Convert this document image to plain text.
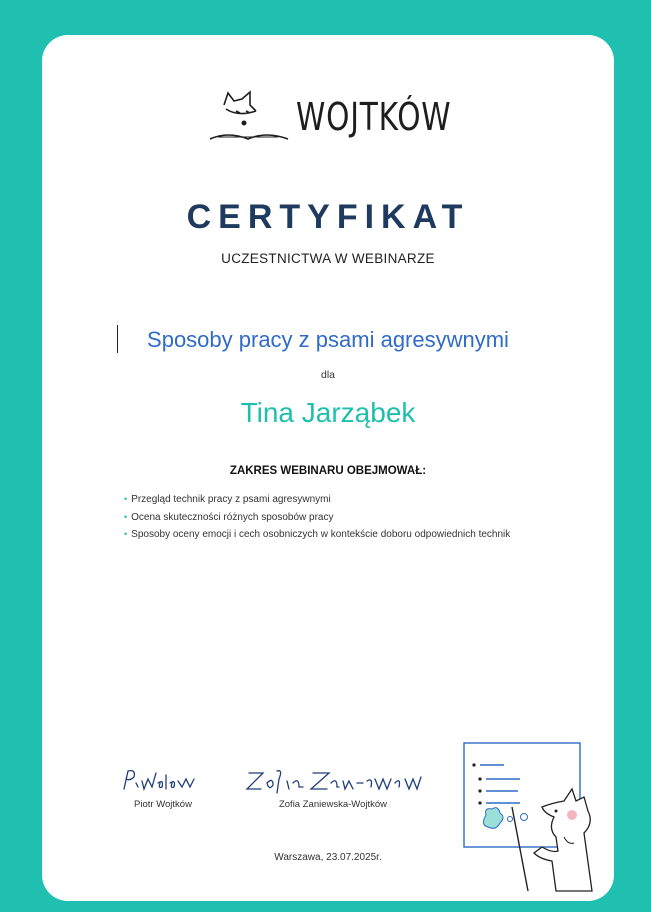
WOJTKÓW
CERTYFIKAT
UCZESTNICTWA W WEBINARZE
Sposoby pracy z psami agresywnymi
dla
Tina Jarząbek
ZAKRES WEBINARU OBEJMOWAŁ:
• Przegląd technik pracy z psami agresywnymi
• Ocena skuteczności różnych sposobów pracy
• Sposoby oceny emocji i cech osobniczych w kontekście doboru odpowiednich technik
Piotr Wojtków	Zofia Zaniewska-Wojtków
Warszawa, 23.07.2025r.
